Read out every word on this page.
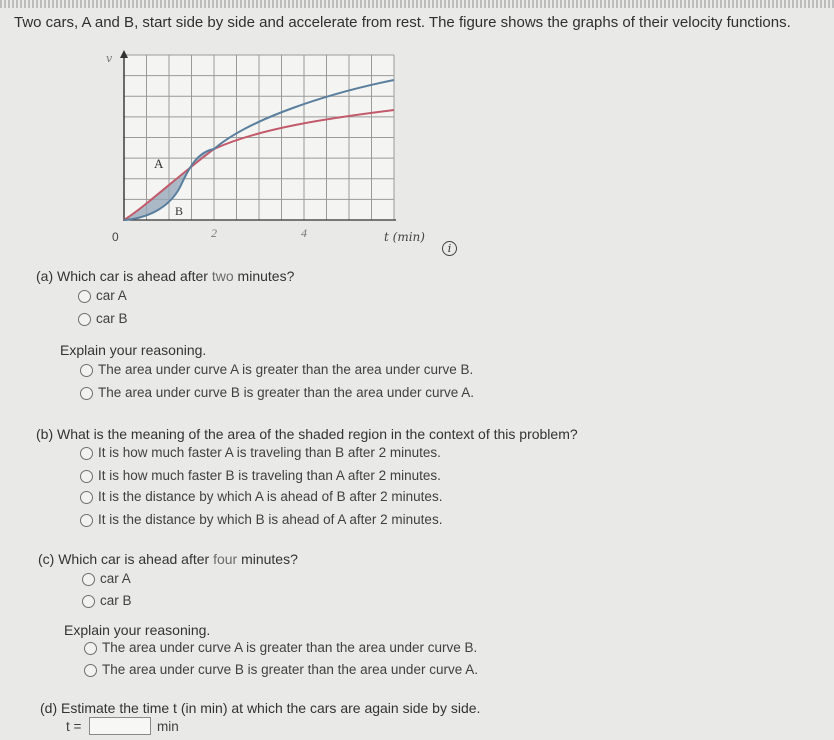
Two cars, A and B, start side by side and accelerate from rest. The figure shows the graphs of their velocity functions.
v
0	2	4	t (min)
A
B
i
(a) Which car is ahead after two minutes?
car A
car B
Explain your reasoning.
The area under curve A is greater than the area under curve B.
The area under curve B is greater than the area under curve A.
(b) What is the meaning of the area of the shaded region in the context of this problem?
It is how much faster A is traveling than B after 2 minutes.
It is how much faster B is traveling than A after 2 minutes.
It is the distance by which A is ahead of B after 2 minutes.
It is the distance by which B is ahead of A after 2 minutes.
(c) Which car is ahead after four minutes?
car A
car B
Explain your reasoning.
The area under curve A is greater than the area under curve B.
The area under curve B is greater than the area under curve A.
(d) Estimate the time t (in min) at which the cars are again side by side.
t =	min
